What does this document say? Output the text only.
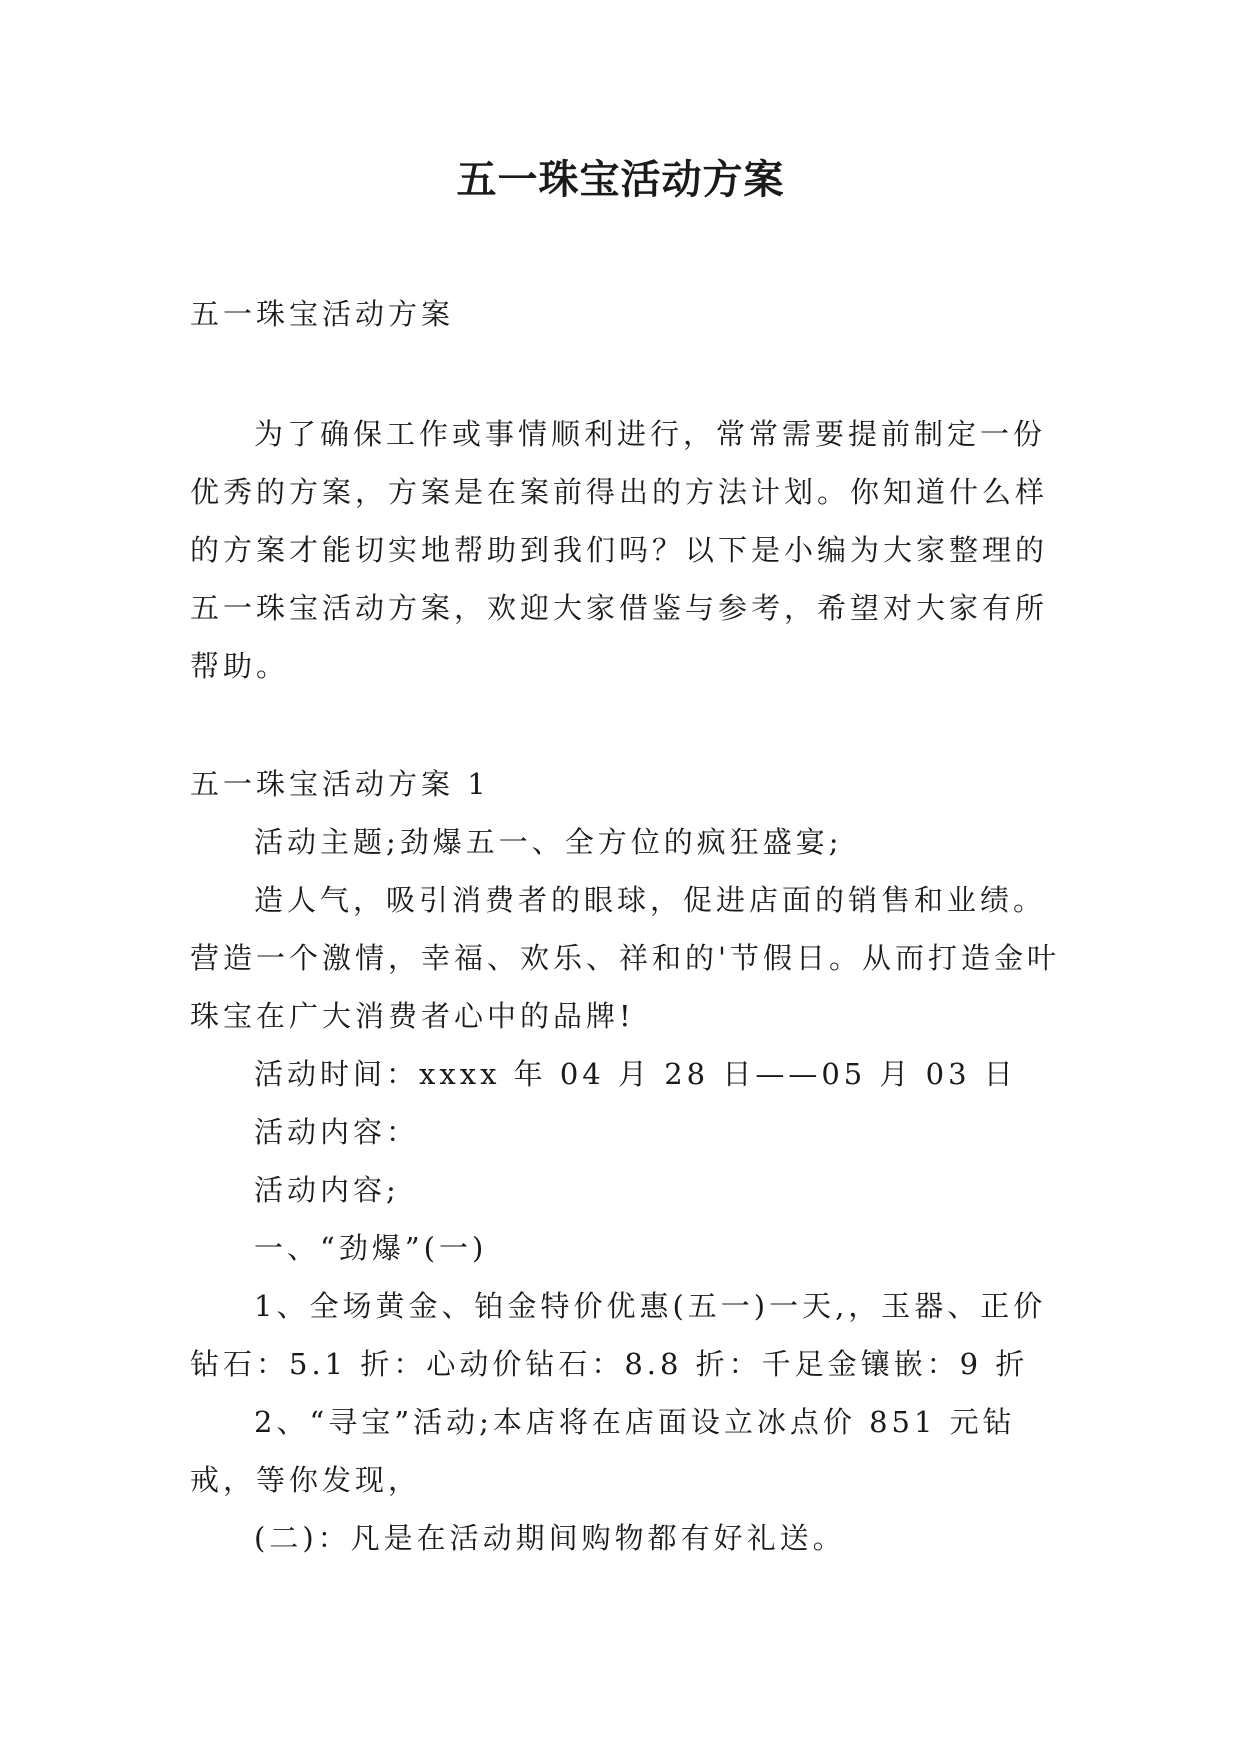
五一珠宝活动方案

五一珠宝活动方案

为了确保工作或事情顺利进行，常常需要提前制定一份优秀的方案，方案是在案前得出的方法计划。你知道什么样的方案才能切实地帮助到我们吗？以下是小编为大家整理的五一珠宝活动方案，欢迎大家借鉴与参考，希望对大家有所帮助。

五一珠宝活动方案 1

活动主题;劲爆五一、全方位的疯狂盛宴;

造人气，吸引消费者的眼球，促进店面的销售和业绩。营造一个激情，幸福、欢乐、祥和的'节假日。从而打造金叶珠宝在广大消费者心中的品牌!

活动时间：xxxx 年 04 月 28 日——05 月 03 日

活动内容：

活动内容;

一、“劲爆”(一)

1、全场黄金、铂金特价优惠(五一)一天,，玉器、正价钻石：5.1 折：心动价钻石：8.8 折：千足金镶嵌：9 折

2、“寻宝”活动;本店将在店面设立冰点价 851 元钻戒，等你发现，

(二)：凡是在活动期间购物都有好礼送。
